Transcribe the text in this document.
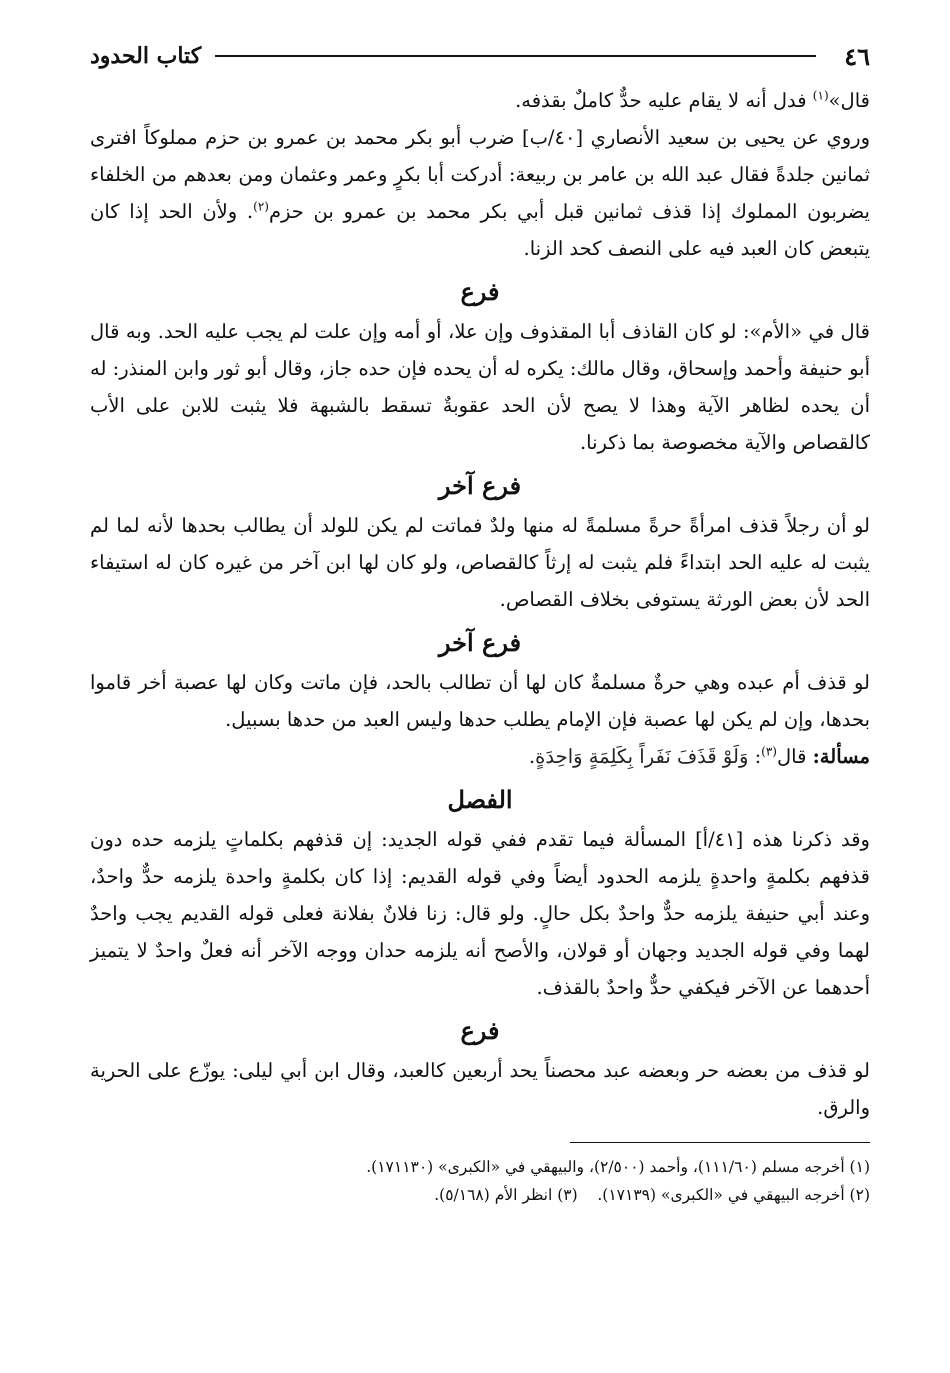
٤٦
كتاب الحدود

قال»$^{(١)}$ فدل أنه لا يقام عليه حدٌّ كاملٌ بقذفه.

وروي عن يحيى بن سعيد الأنصاري [٤٠/ب] ضرب أبو بكر محمد بن عمرو بن حزم مملوكاً افترى ثمانين جلدةً فقال عبد الله بن عامر بن ربيعة: أدركت أبا بكرٍ وعمر وعثمان ومن بعدهم من الخلفاء يضربون المملوك إذا قذف ثمانين قبل أبي بكر محمد بن عمرو بن حزم$^{(٢)}$. ولأن الحد إذا كان يتبعض كان العبد فيه على النصف كحد الزنا.

فرع

قال في «الأم»: لو كان القاذف أبا المقذوف وإن علا، أو أمه وإن علت لم يجب عليه الحد. وبه قال أبو حنيفة وأحمد وإسحاق، وقال مالك: يكره له أن يحده فإن حده جاز، وقال أبو ثور وابن المنذر: له أن يحده لظاهر الآية وهذا لا يصح لأن الحد عقوبةٌ تسقط بالشبهة فلا يثبت للابن على الأب كالقصاص والآية مخصوصة بما ذكرنا.

فرع آخر

لو أن رجلاً قذف امرأةً حرةً مسلمةً له منها ولدٌ فماتت لم يكن للولد أن يطالب بحدها لأنه لما لم يثبت له عليه الحد ابتداءً فلم يثبت له إرثاً كالقصاص، ولو كان لها ابن آخر من غيره كان له استيفاء الحد لأن بعض الورثة يستوفى بخلاف القصاص.

فرع آخر

لو قذف أم عبده وهي حرةٌ مسلمةٌ كان لها أن تطالب بالحد، فإن ماتت وكان لها عصبة أخر قاموا بحدها، وإن لم يكن لها عصبة فإن الإمام يطلب حدها وليس العبد من حدها بسبيل.

مسألة: قال$^{(٣)}$: وَلَوْ قَذَفَ نَفَراً بِكَلِمَةٍ وَاحِدَةٍ.

الفصل

وقد ذكرنا هذه [٤١/أ] المسألة فيما تقدم ففي قوله الجديد: إن قذفهم بكلماتٍ يلزمه حده دون قذفهم بكلمةٍ واحدةٍ يلزمه الحدود أيضاً وفي قوله القديم: إذا كان بكلمةٍ واحدة يلزمه حدٌّ واحدٌ، وعند أبي حنيفة يلزمه حدٌّ واحدٌ بكل حالٍ. ولو قال: زنا فلانٌ بفلانة فعلى قوله القديم يجب واحدٌ لهما وفي قوله الجديد وجهان أو قولان، والأصح أنه يلزمه حدان ووجه الآخر أنه فعلٌ واحدٌ لا يتميز أحدهما عن الآخر فيكفي حدٌّ واحدٌ بالقذف.

فرع

لو قذف من بعضه حر وبعضه عبد محصناً يحد أربعين كالعبد، وقال ابن أبي ليلى: يوزّع على الحرية والرق.

(١) أخرجه مسلم (١١١/٦٠)، وأحمد (٢/٥٠٠)، والبيهقي في «الكبرى» (١٧١١٣٠).
(٢) أخرجه البيهقي في «الكبرى» (١٧١٣٩).    (٣) انظر الأم (٥/١٦٨).
